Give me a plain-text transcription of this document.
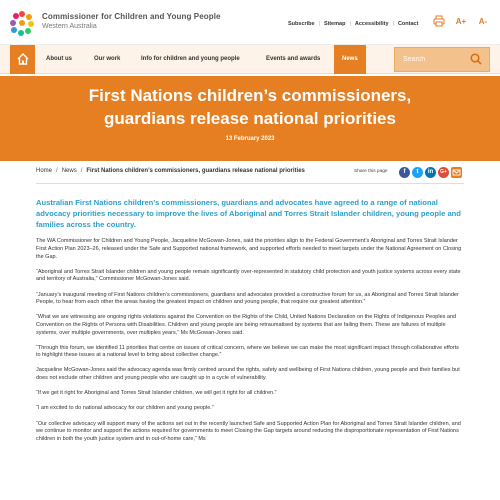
Commissioner for Children and Young People
Western Australia	Subscribe | Sitemap | Accessibility | Contact	A+	A-
About us	Our work	Info for children and young people	Events and awards	News
Search
First Nations children’s commissioners,
guardians release national priorities
13 February 2023
Home / News / First Nations children’s commissioners, guardians release national priorities	Share this page	f	t	in	G+

Australian First Nations children’s commissioners, guardians and advocates have agreed to a range of national advocacy priorities necessary to improve the lives of Aboriginal and Torres Strait Islander children, young people and families across the country.

The WA Commissioner for Children and Young People, Jacqueline McGowan-Jones, said the priorities align to the Federal Government’s Aboriginal and Torres Strait Islander First Action Plan 2023–26, released under the Safe and Supported national framework, and supported efforts needed to meet targets under the National Agreement on Closing the Gap.

“Aboriginal and Torres Strait Islander children and young people remain significantly over-represented in statutory child protection and youth justice systems across every state and territory of Australia,” Commissioner McGowan-Jones said.

“January’s inaugural meeting of First Nations children’s commissioners, guardians and advocates provided a constructive forum for us, as Aboriginal and Torres Strait Islander People, to hear from each other the areas having the greatest impact on children and young people, that require our greatest attention.”

“What we are witnessing are ongoing rights violations against the Convention on the Rights of the Child, United Nations Declaration on the Rights of Indigenous Peoples and Convention on the Rights of Persons with Disabilities. Children and young people are being retraumatised by systems that are failing them. These are failures of multiple systems, over multiple governments, over multiples years,” Ms McGowan-Jones said.

“Through this forum, we identified 11 priorities that centre on issues of critical concern, where we believe we can make the most significant impact through collaborative efforts to highlight these issues at a national level to bring about collective change.”

Jacqueline McGowan-Jones said the advocacy agenda was firmly centred around the rights, safety and wellbeing of First Nations children, young people and their families but does not exclude other children and young people who are caught up in a cycle of vulnerability.

“If we get it right for Aboriginal and Torres Strait Islander children, we will get it right for all children.”

“I am excited to do national advocacy for our children and young people.”

“Our collective advocacy will support many of the actions set out in the recently launched Safe and Supported Action Plan for Aboriginal and Torres Strait Islander children, and we continue to monitor and support the actions required for governments to meet Closing the Gap targets around reducing the disproportionate representation of First Nations children in both the youth justice system and in out-of-home care,” Ms
